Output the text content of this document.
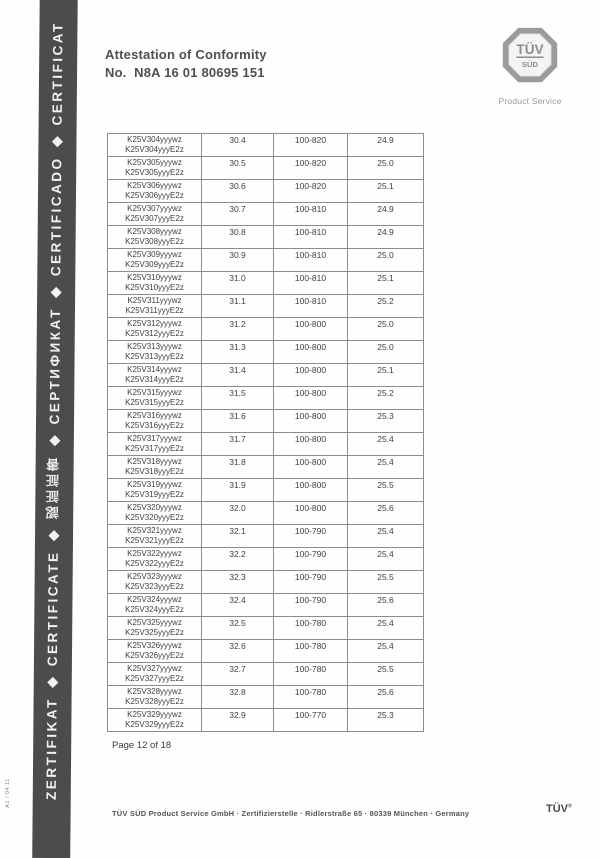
ZERTIFIKAT ◆ CERTIFICATE ◆ 認証証書 ◆ СЕРТИФИКАТ ◆ CERTIFICADO ◆ CERTIFICAT
A1 / 04 11
Attestation of Conformity
No.  N8A 16 01 80695 151
TÜV
SÜD
Product Service
K25V304yyywz
K25V304yyyE2z	30.4	100-820	24.9

K25V305yyywz
K25V305yyyE2z	30.5	100-820	25.0

K25V306yyywz
K25V306yyyE2z	30.6	100-820	25.1

K25V307yyywz
K25V307yyyE2z	30.7	100-810	24.9

K25V308yyywz
K25V308yyyE2z	30.8	100-810	24.9

K25V309yyywz
K25V309yyyE2z	30.9	100-810	25.0

K25V310yyywz
K25V310yyyE2z	31.0	100-810	25.1

K25V311yyywz
K25V311yyyE2z	31.1	100-810	25.2

K25V312yyywz
K25V312yyyE2z	31.2	100-800	25.0

K25V313yyywz
K25V313yyyE2z	31.3	100-800	25.0

K25V314yyywz
K25V314yyyE2z	31.4	100-800	25.1

K25V315yyywz
K25V315yyyE2z	31.5	100-800	25.2

K25V316yyywz
K25V316yyyE2z	31.6	100-800	25.3

K25V317yyywz
K25V317yyyE2z	31.7	100-800	25.4

K25V318yyywz
K25V318yyyE2z	31.8	100-800	25.4

K25V319yyywz
K25V319yyyE2z	31.9	100-800	25.5

K25V320yyywz
K25V320yyyE2z	32.0	100-800	25.6

K25V321yyywz
K25V321yyyE2z	32.1	100-790	25.4

K25V322yyywz
K25V322yyyE2z	32.2	100-790	25.4

K25V323yyywz
K25V323yyyE2z	32.3	100-790	25.5

K25V324yyywz
K25V324yyyE2z	32.4	100-790	25.6

K25V325yyywz
K25V325yyyE2z	32.5	100-780	25.4

K25V326yyywz
K25V326yyyE2z	32.6	100-780	25.4

K25V327yyywz
K25V327yyyE2z	32.7	100-780	25.5

K25V328yyywz
K25V328yyyE2z	32.8	100-780	25.6

K25V329yyywz
K25V329yyyE2z	32.9	100-770	25.3
Page 12 of 18
TÜV SÜD Product Service GmbH · Zertifizierstelle · Ridlerstraße 65 · 80339 München · Germany	TÜV®
